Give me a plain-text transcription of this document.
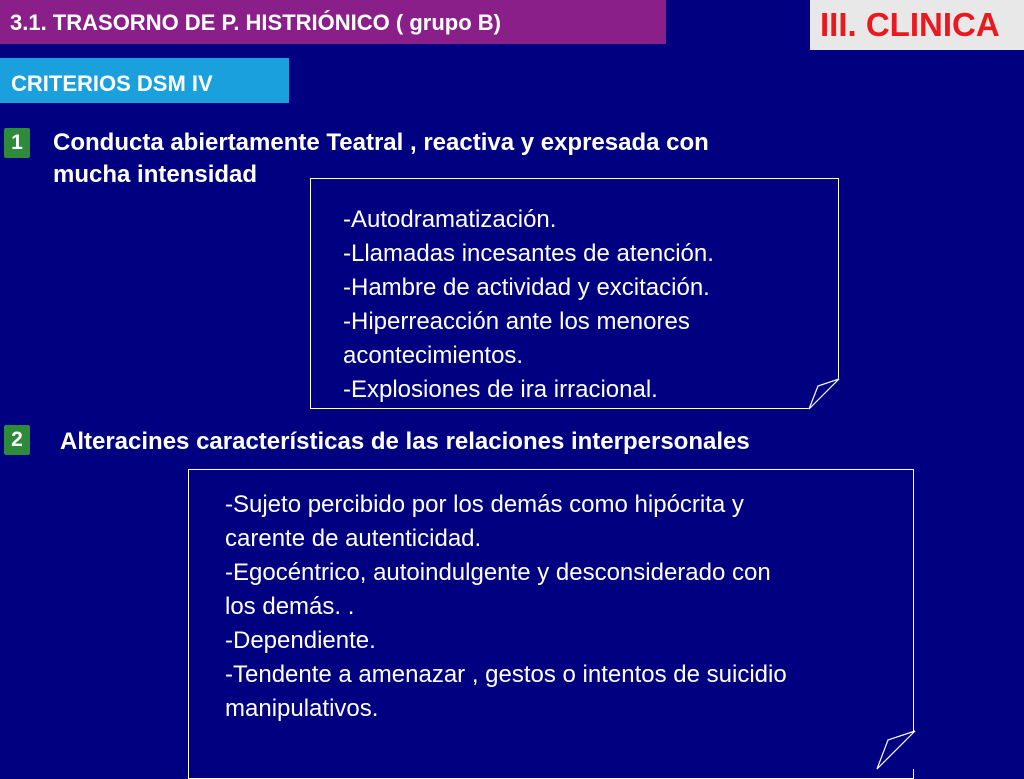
3.1. TRASORNO DE P. HISTRIÓNICO ( grupo B)	III. CLINICA
CRITERIOS DSM IV
1 Conducta abiertamente Teatral , reactiva y expresada con
mucha intensidad
-Autodramatización.
-Llamadas incesantes de atención.
-Hambre de actividad y excitación.
-Hiperreacción ante los menores
acontecimientos.
-Explosiones de ira irracional.
2 Alteracines características de las relaciones interpersonales
-Sujeto percibido por los demás como hipócrita y
carente de autenticidad.
-Egocéntrico, autoindulgente y desconsiderado con
los demás. .
-Dependiente.
-Tendente a amenazar , gestos o intentos de suicidio
manipulativos.
